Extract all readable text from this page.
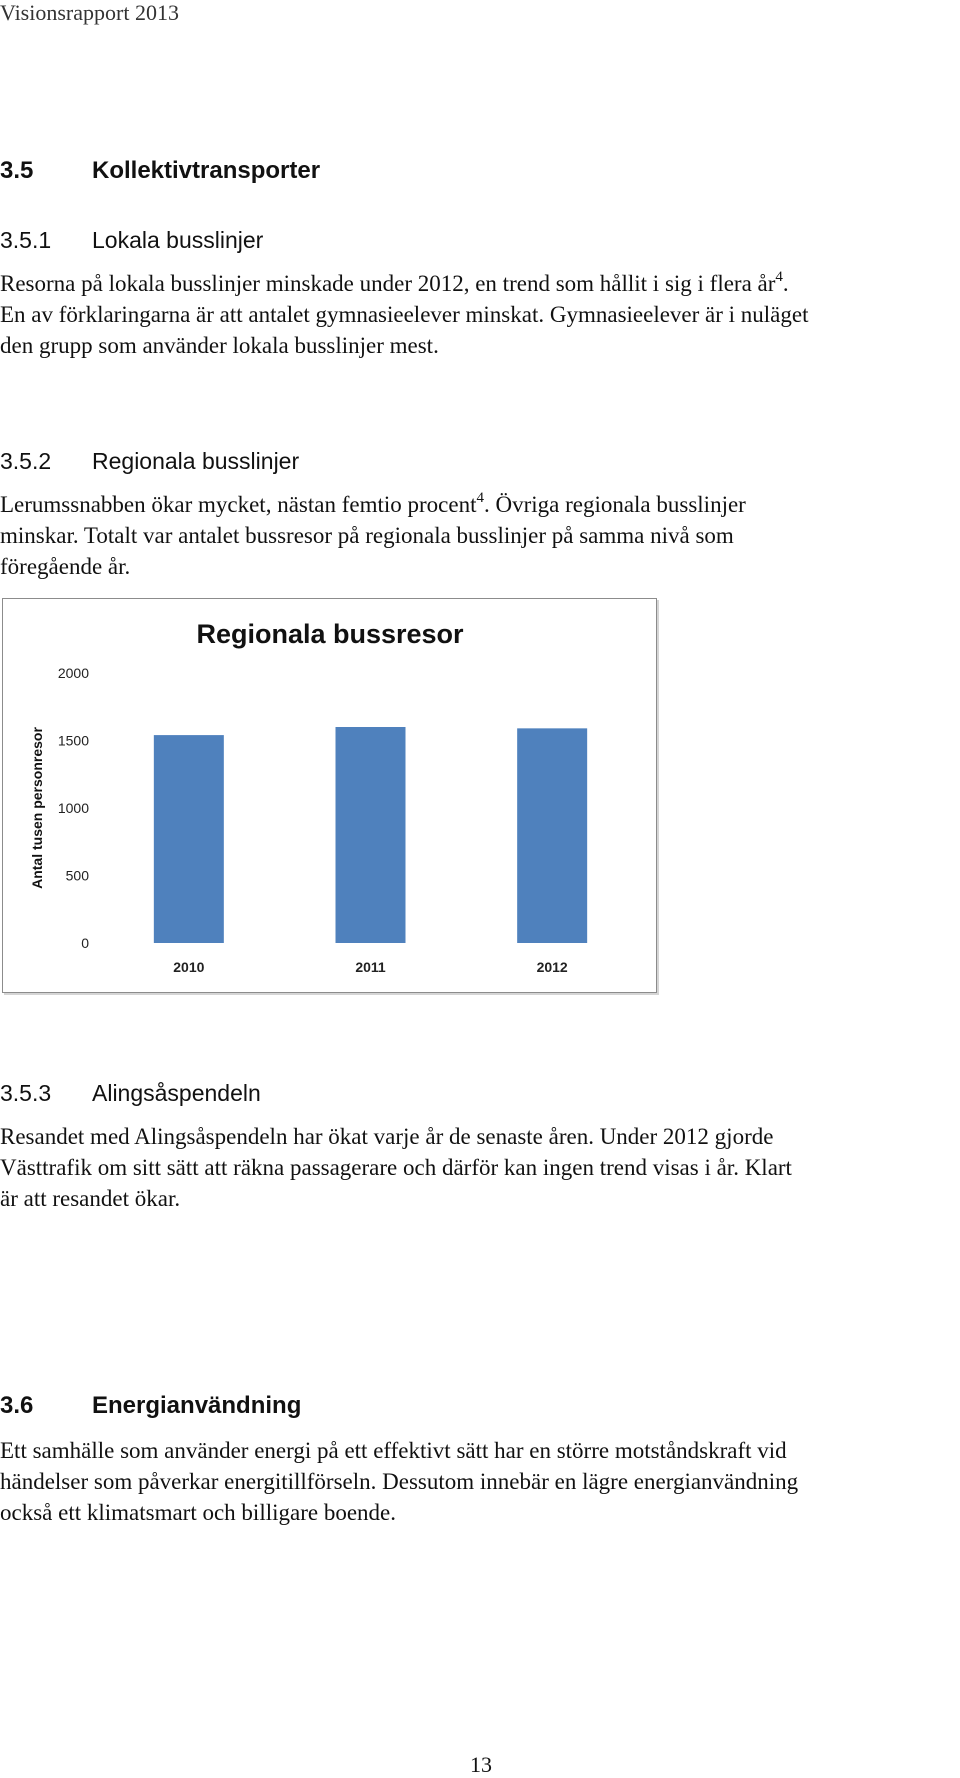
Visionsrapport 2013
3.5 Kollektivtransporter
3.5.1 Lokala busslinjer
Resorna på lokala busslinjer minskade under 2012, en trend som hållit i sig i flera $år^4$.
En av förklaringarna är att antalet gymnasieelever minskat. Gymnasieelever är i nuläget
den grupp som använder lokala busslinjer mest.
3.5.2 Regionala busslinjer
Lerumssnabben ökar mycket, nästan femtio procent$^4$. Övriga regionala busslinjer
minskar. Totalt var antalet bussresor på regionala busslinjer på samma nivå som
föregående år.
Regionala bussresor
Antal tusen personresor
0
500
1000
1500
2000
2010	2011	2012
3.5.3 Alingsåspendeln
Resandet med Alingsåspendeln har ökat varje år de senaste åren. Under 2012 gjorde
Västtrafik om sitt sätt att räkna passagerare och därför kan ingen trend visas i år. Klart
är att resandet ökar.
3.6 Energianvändning
Ett samhälle som använder energi på ett effektivt sätt har en större motståndskraft vid
händelser som påverkar energitillförseln. Dessutom innebär en lägre energianvändning
också ett klimatsmart och billigare boende.
13
